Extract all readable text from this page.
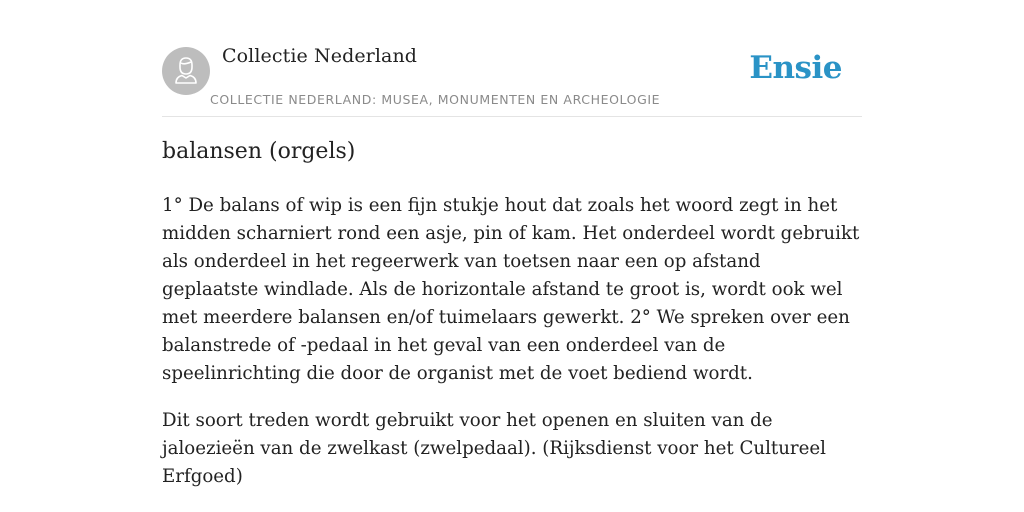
Collectie Nederland
COLLECTIE NEDERLAND: MUSEA, MONUMENTEN EN ARCHEOLOGIE
Ensie
balansen (orgels)

1° De balans of wip is een fijn stukje hout dat zoals het woord zegt in het midden scharniert rond een asje, pin of kam. Het onderdeel wordt gebruikt als onderdeel in het regeerwerk van toetsen naar een op afstand geplaatste windlade. Als de horizontale afstand te groot is, wordt ook wel met meerdere balansen en/of tuimelaars gewerkt. 2° We spreken over een balanstrede of -pedaal in het geval van een onderdeel van de speelinrichting die door de organist met de voet bediend wordt.

Dit soort treden wordt gebruikt voor het openen en sluiten van de jaloezieën van de zwelkast (zwelpedaal). (Rijksdienst voor het Cultureel Erfgoed)
